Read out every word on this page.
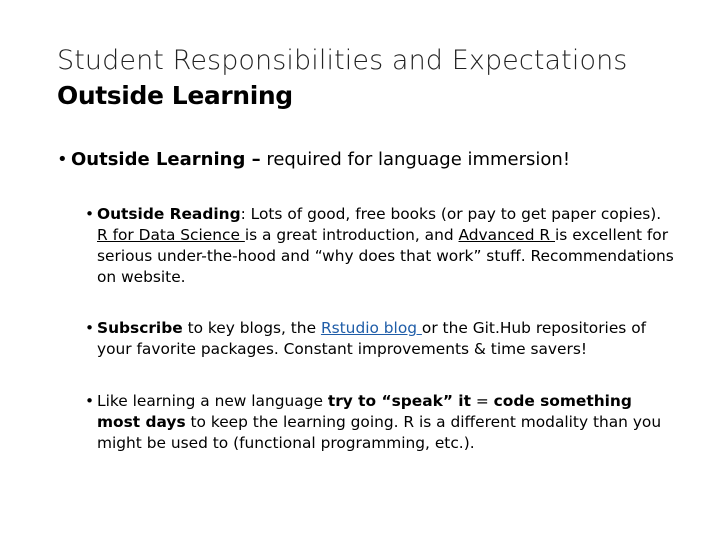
Student Responsibilities and Expectations
Outside Learning
• Outside Learning – required for language immersion!
• Outside Reading: Lots of good, free books (or pay to get paper copies). R for Data Science is a great introduction, and Advanced R is excellent for serious under-the-hood and “why does that work” stuff. Recommendations on website.
• Subscribe to key blogs, the Rstudio blog or the Git.Hub repositories of your favorite packages. Constant improvements & time savers!
• Like learning a new language try to “speak” it = code something most days to keep the learning going. R is a different modality than you might be used to (functional programming, etc.).
